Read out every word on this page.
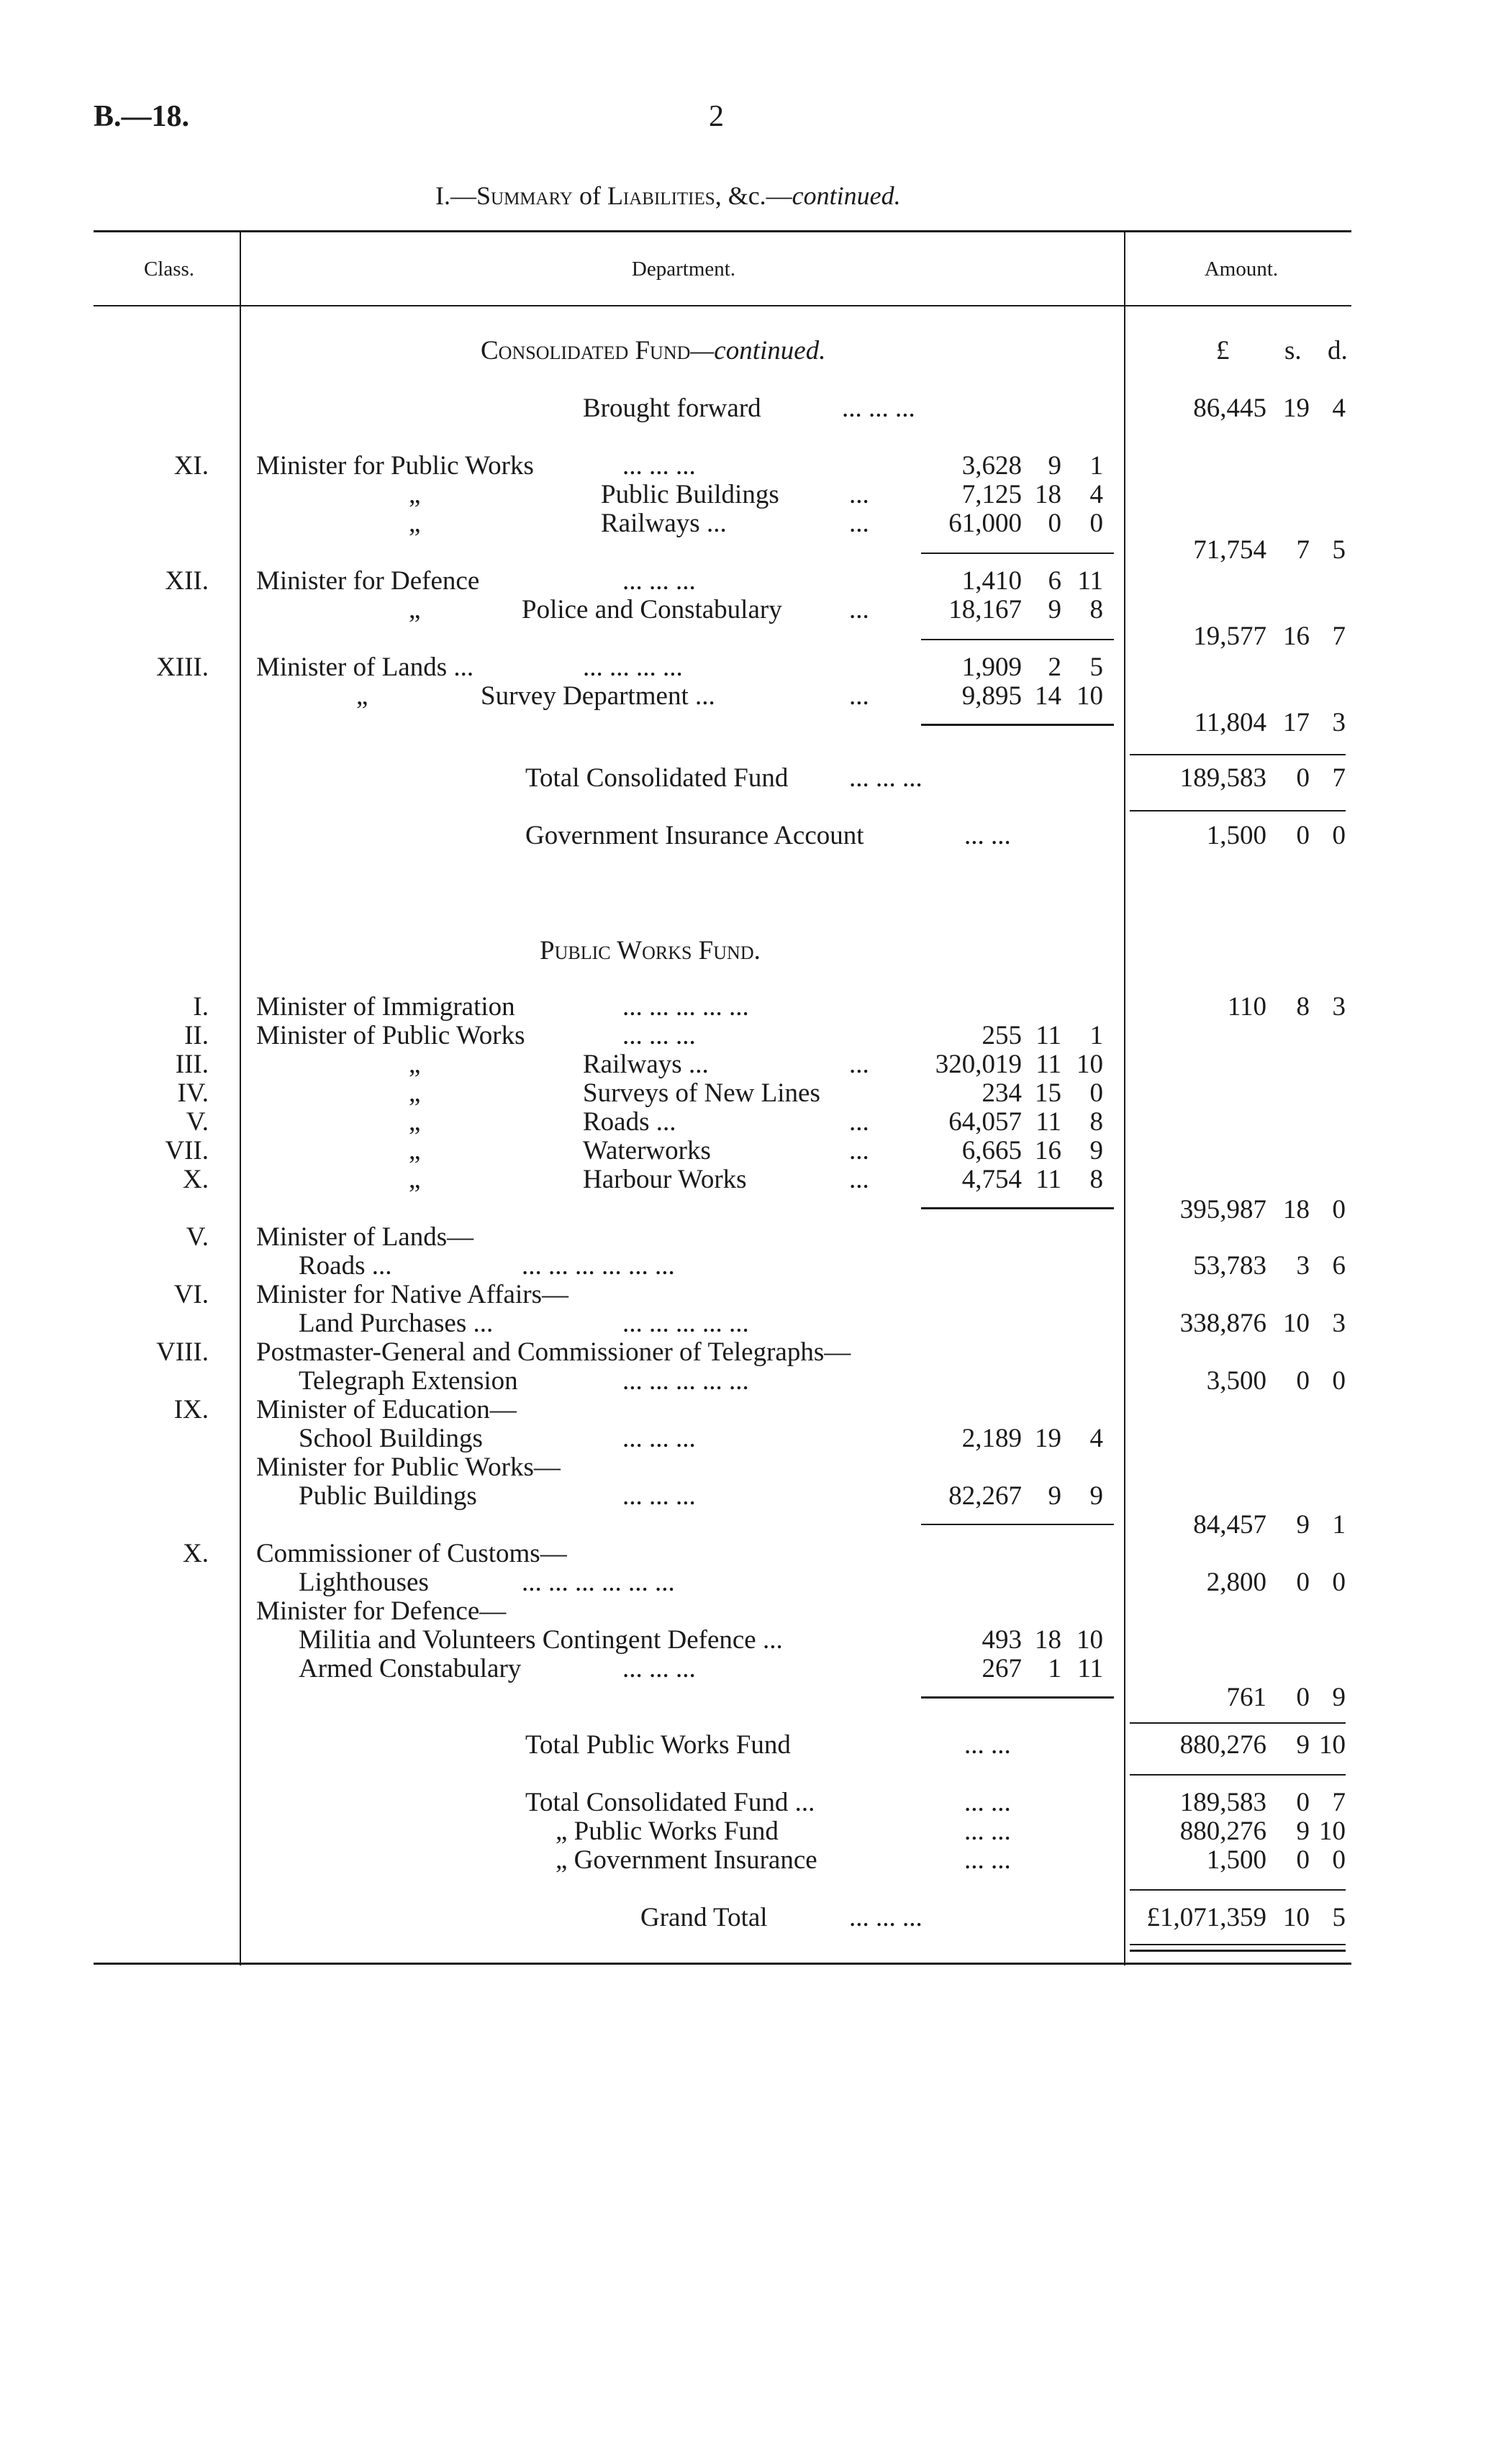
B.—18.	2
I.—Summary of Liabilities, &c.—continued.
Class.	Department.	Amount.
Consolidated Fund—continued.	£ s. d.
Brought forward	... ... ...	86,445 19 4
XI. Minister for Public Works	... ... ...	3,628 9	1
„	Public Buildings	...	7,125 18	4
„	Railways ...	...	61,000 0	0
71,754	7 5
XII. Minister for Defence	... ... ...	1,410 6 11
„	Police and Constabulary	...	18,167 9	8
19,577 16 7
XIII. Minister of Lands ...	... ... ... ...	1,909 2	5
„	Survey Department ...	...	9,895 14 10
11,804 17 3
Total Consolidated Fund ... ... ...	189,583	0 7
Government Insurance Account	... ...	1,500	0 0
Public Works Fund.
I. Minister of Immigration	... ... ... ... ...	110	8 3
II. Minister of Public Works	... ... ...	255 11	1
III.	„	Railways ...	...	320,019 11 10
IV.	„	Surveys of New Lines	234 15	0
V.	„	Roads ...	...	64,057 11	8
VII.	„	Waterworks	...	6,665 16	9
X.	„	Harbour Works	...	4,754 11	8
395,987 18 0
V. Minister of Lands—
Roads ...	... ... ... ... ... ...	53,783	3 6
VI. Minister for Native Affairs—
Land Purchases ...	... ... ... ... ...	338,876 10 3
VIII. Postmaster-General and Commissioner of Telegraphs—
Telegraph Extension	... ... ... ... ...	3,500	0 0
IX. Minister of Education—
School Buildings	... ... ...	2,189 19	4
Minister for Public Works—
Public Buildings	... ... ...	82,267 9	9
84,457	9 1
X. Commissioner of Customs—
Lighthouses	... ... ... ... ... ...	2,800	0 0
Minister for Defence—
Militia and Volunteers Contingent Defence ...	493 18 10
Armed Constabulary	... ... ...	267 1 11
761	0 9
Total Public Works Fund	... ...	880,276	9 10
Total Consolidated Fund ...	... ...	189,583	0 7
„ Public Works Fund	... ...	880,276	9 10
„ Government Insurance	... ...	1,500	0 0
Grand Total	... ... ...	£1,071,359 10 5
